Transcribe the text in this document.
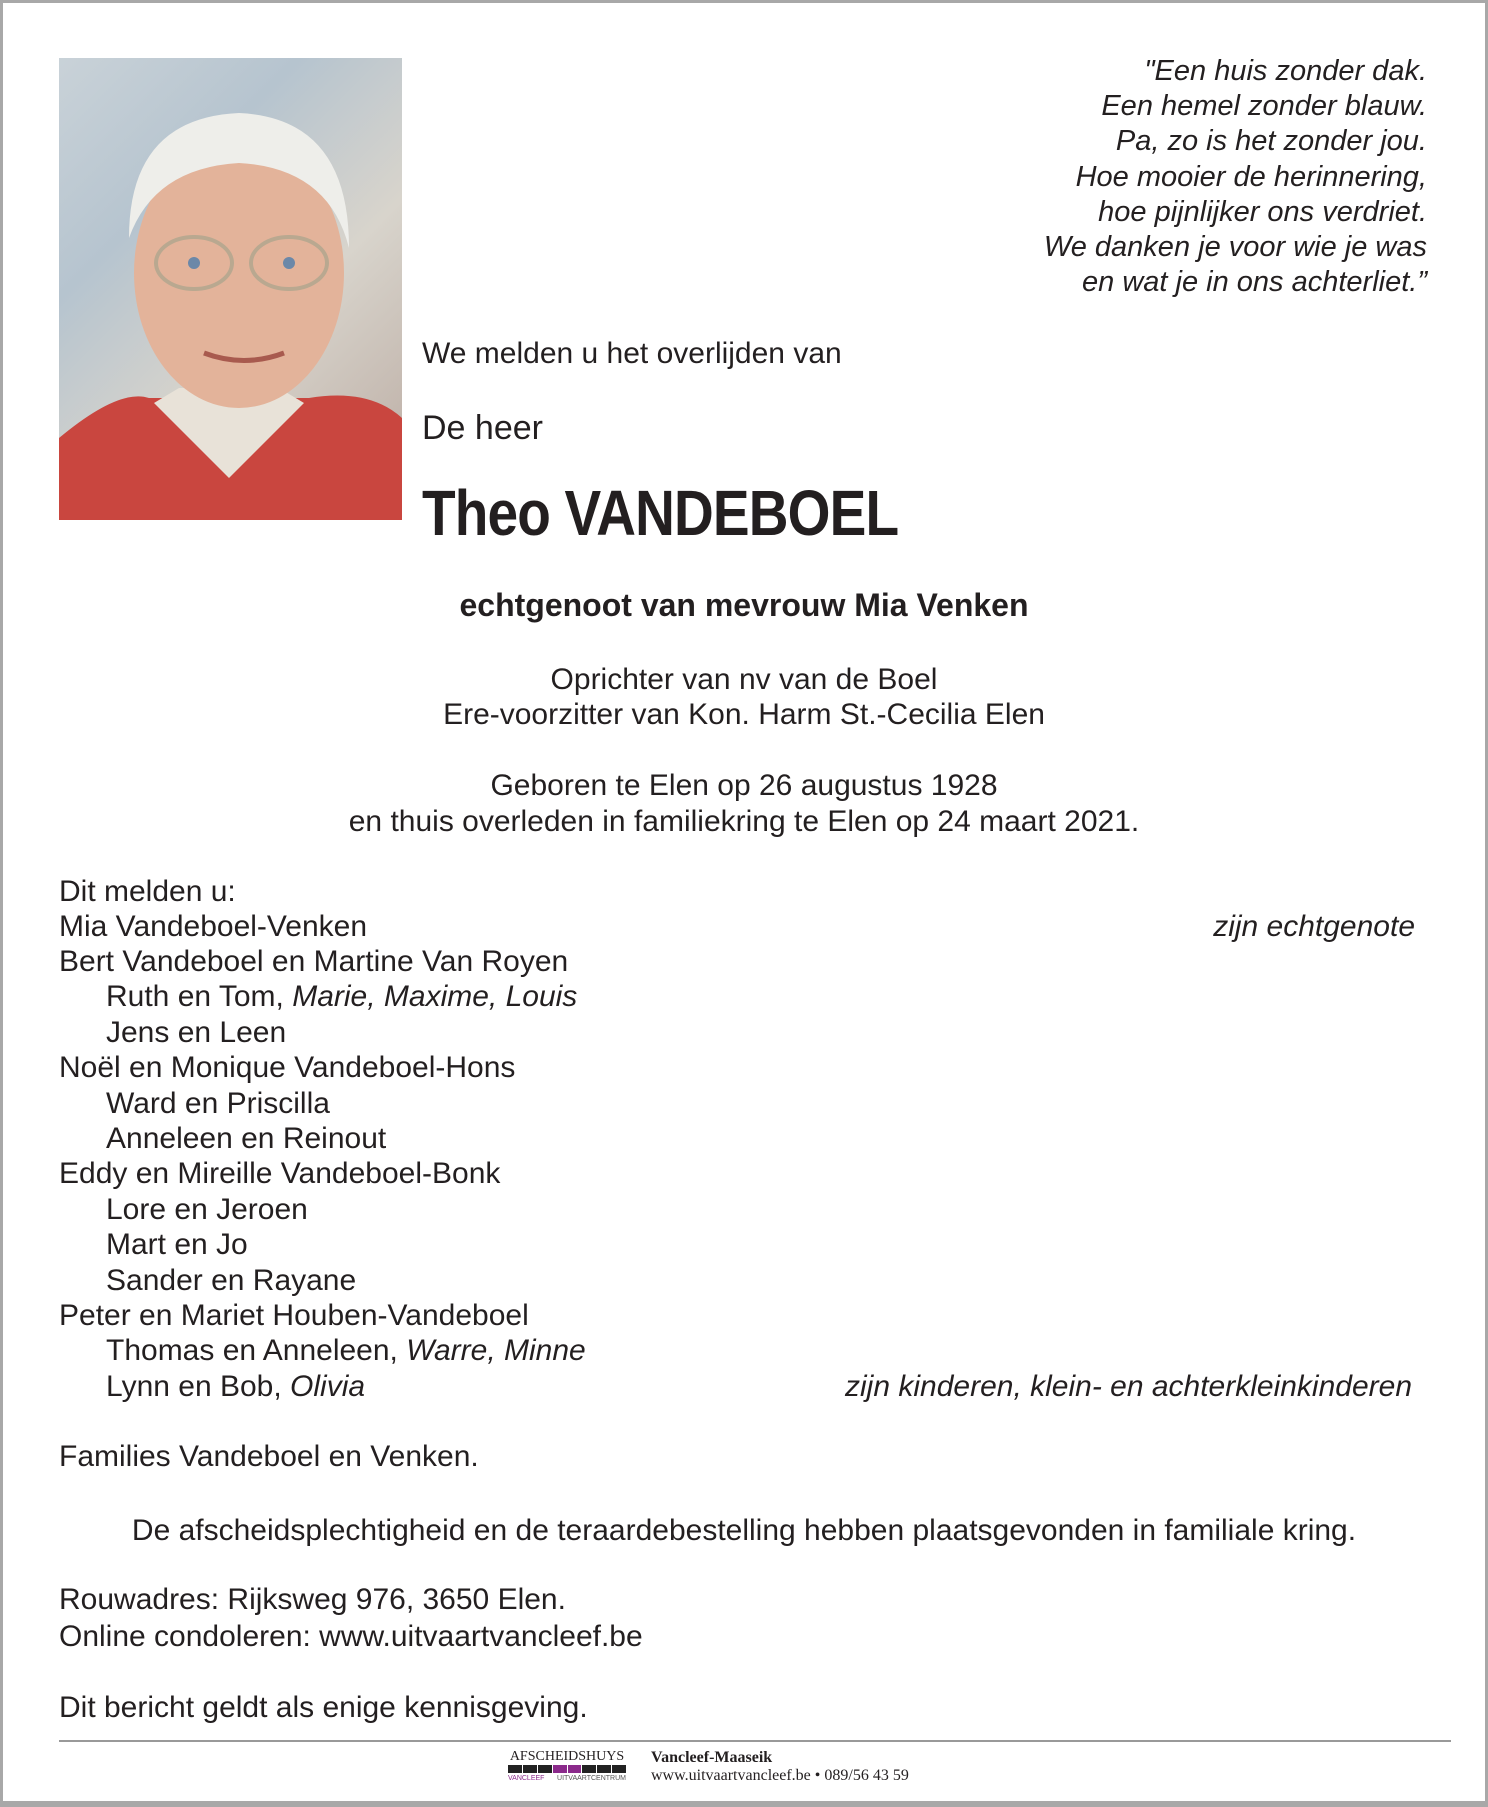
"Een huis zonder dak.
Een hemel zonder blauw.
Pa, zo is het zonder jou.
Hoe mooier de herinnering,
hoe pijnlijker ons verdriet.
We danken je voor wie je was
en wat je in ons achterliet.”
We melden u het overlijden van
De heer
Theo VANDEBOEL
echtgenoot van mevrouw Mia Venken
Oprichter van nv van de Boel
Ere-voorzitter van Kon. Harm St.-Cecilia Elen
Geboren te Elen op 26 augustus 1928
en thuis overleden in familiekring te Elen op 24 maart 2021.
Dit melden u:
Mia Vandeboel-Venken	zijn echtgenote
Bert Vandeboel en Martine Van Royen
Ruth en Tom, Marie, Maxime, Louis
Jens en Leen
Noël en Monique Vandeboel-Hons
Ward en Priscilla
Anneleen en Reinout
Eddy en Mireille Vandeboel-Bonk
Lore en Jeroen
Mart en Jo
Sander en Rayane
Peter en Mariet Houben-Vandeboel
Thomas en Anneleen, Warre, Minne
Lynn en Bob, Olivia	zijn kinderen, klein- en achterkleinkinderen
Families Vandeboel en Venken.
De afscheidsplechtigheid en de teraardebestelling hebben plaatsgevonden in familiale kring.
Rouwadres: Rijksweg 976, 3650 Elen.
Online condoleren: www.uitvaartvancleef.be
Dit bericht geldt als enige kennisgeving.
AFSCHEIDSHUYS
VANCLEEF UITVAARTCENTRUM
Vancleef-Maaseik
www.uitvaartvancleef.be • 089/56 43 59
